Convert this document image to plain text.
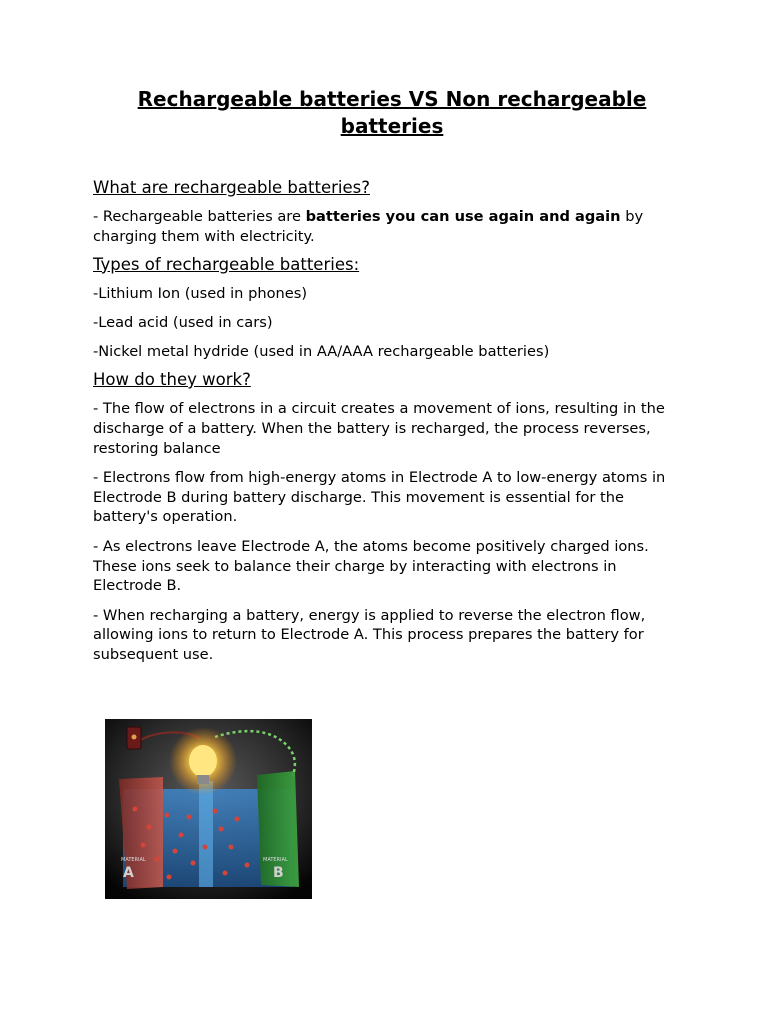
Rechargeable batteries VS Non rechargeable
batteries
What are rechargeable batteries?

- Rechargeable batteries are batteries you can use again and again by charging them with electricity.

Types of rechargeable batteries:

-Lithium Ion (used in phones)

-Lead acid (used in cars)

-Nickel metal hydride (used in AA/AAA rechargeable batteries)

How do they work?

- The flow of electrons in a circuit creates a movement of ions, resulting in the discharge of a battery. When the battery is recharged, the process reverses, restoring balance

- Electrons flow from high-energy atoms in Electrode A to low-energy atoms in Electrode B during battery discharge. This movement is essential for the battery's operation.

- As electrons leave Electrode A, the atoms become positively charged ions. These ions seek to balance their charge by interacting with electrons in Electrode B.

- When recharging a battery, energy is applied to reverse the electron flow, allowing ions to return to Electrode A. This process prepares the battery for subsequent use.

MATERIAL
A
MATERIAL
B
